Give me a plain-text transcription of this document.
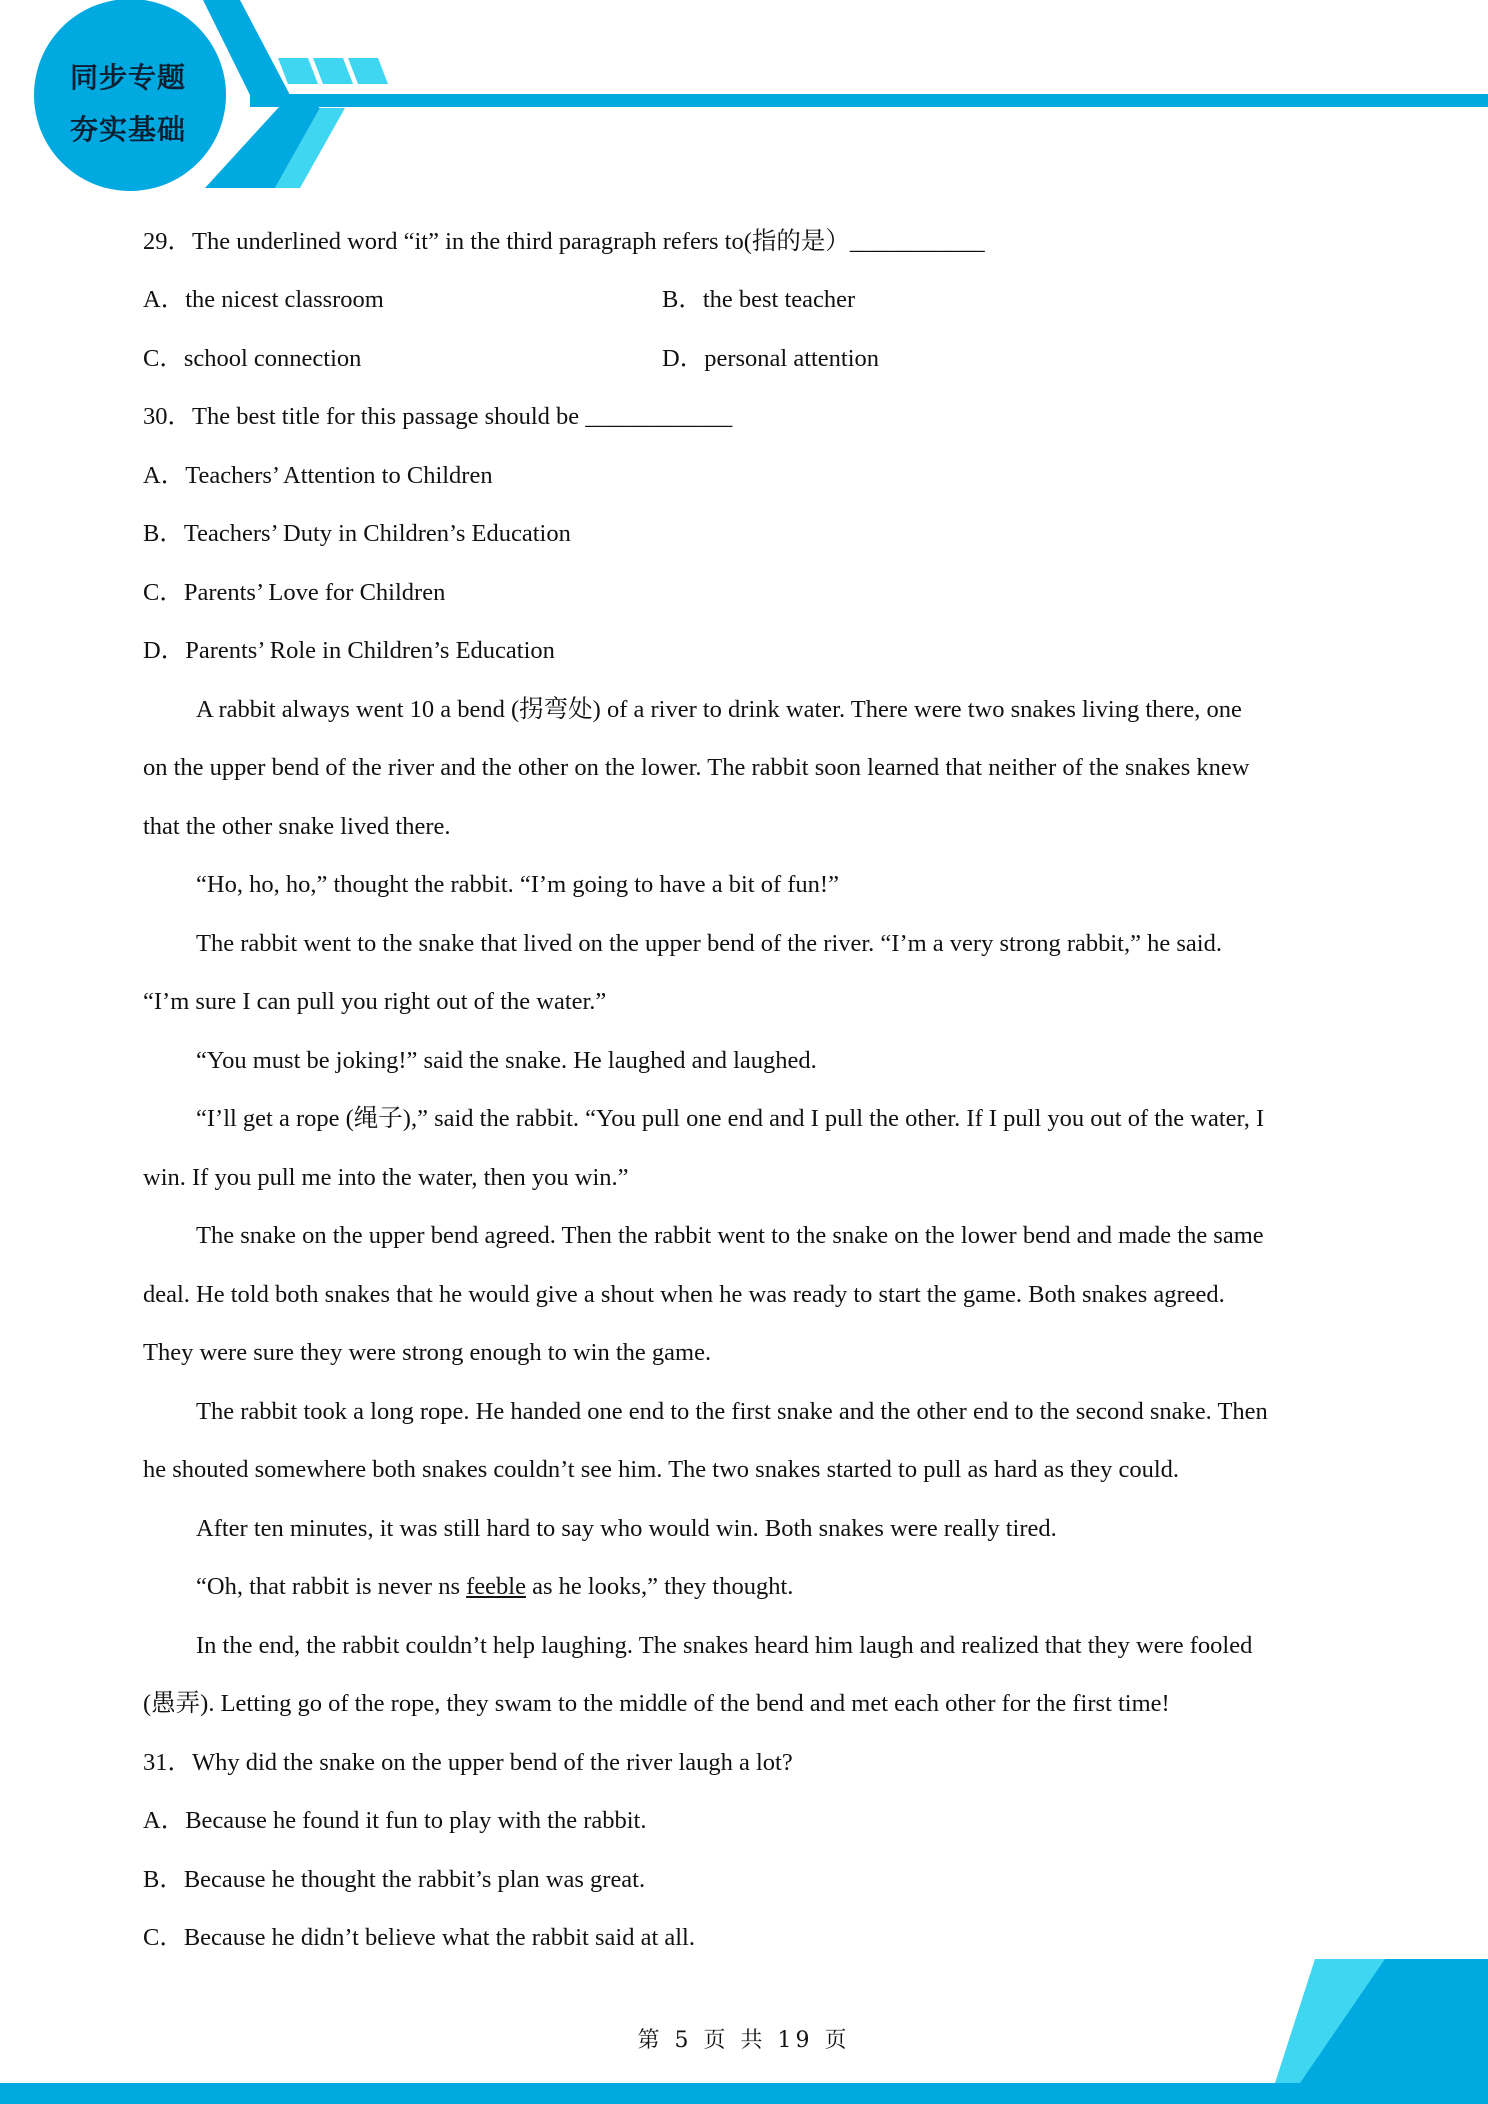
同步专题
夯实基础
29．The underlined word “it” in the third paragraph refers to(指的是）___________
A．the nicest classroom	B．the best teacher
C．school connection	D．personal attention
30．The best title for this passage should be ____________
A．Teachers’ Attention to Children
B．Teachers’ Duty in Children’s Education
C．Parents’ Love for Children
D．Parents’ Role in Children’s Education
A rabbit always went 10 a bend (拐弯处) of a river to drink water. There were two snakes living there, one
on the upper bend of the river and the other on the lower. The rabbit soon learned that neither of the snakes knew
that the other snake lived there.
“Ho, ho, ho,” thought the rabbit. “I’m going to have a bit of fun!”
The rabbit went to the snake that lived on the upper bend of the river. “I’m a very strong rabbit,” he said.
“I’m sure I can pull you right out of the water.”
“You must be joking!” said the snake. He laughed and laughed.
“I’ll get a rope (绳子),” said the rabbit. “You pull one end and I pull the other. If I pull you out of the water, I
win. If you pull me into the water, then you win.”
The snake on the upper bend agreed. Then the rabbit went to the snake on the lower bend and made the same
deal. He told both snakes that he would give a shout when he was ready to start the game. Both snakes agreed.
They were sure they were strong enough to win the game.
The rabbit took a long rope. He handed one end to the first snake and the other end to the second snake. Then
he shouted somewhere both snakes couldn’t see him. The two snakes started to pull as hard as they could.
After ten minutes, it was still hard to say who would win. Both snakes were really tired.
“Oh, that rabbit is never ns feeble as he looks,” they thought.
In the end, the rabbit couldn’t help laughing. The snakes heard him laugh and realized that they were fooled
(愚弄). Letting go of the rope, they swam to the middle of the bend and met each other for the first time!
31．Why did the snake on the upper bend of the river laugh a lot?
A．Because he found it fun to play with the rabbit.
B．Because he thought the rabbit’s plan was great.
C．Because he didn’t believe what the rabbit said at all.
第 5 页 共 19 页
